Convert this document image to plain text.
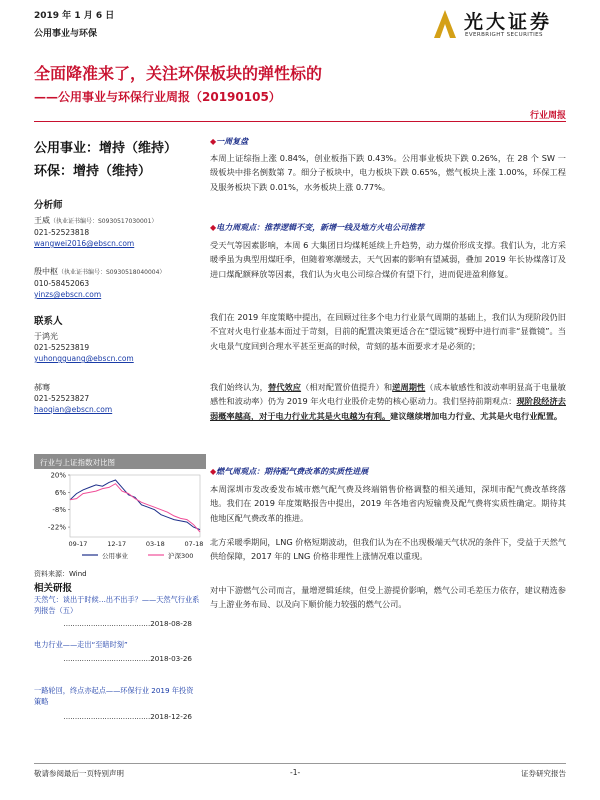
2019 年 1 月 6 日
公用事业与环保
光大证券
EVERBRIGHT SECURITIES
全面降准来了，关注环保板块的弹性标的
——公用事业与环保行业周报（20190105）
行业周报
公用事业：增持（维持）
环保：增持（维持）
分析师
王威（执业证书编号：S0930517030001）
021-52523818
wangwei2016@ebscn.com
殷中枢（执业证书编号：S0930518040004）
010-58452063
yinzs@ebscn.com
联系人
于鸿光
021-52523819
yuhongguang@ebscn.com
郝骞
021-52523827
haoqian@ebscn.com
行业与上证指数对比图
20%
6%
-8%
-22%
09-17	12-17	03-18	07-18
公用事业	沪深300
资料来源：Wind
相关研报
天然气：谈出于时候…出不出手？——天然气行业系列报告（五）
......................................2018-08-28
电力行业——走出“至暗时刻”
......................................2018-03-26
一路轮回，终点亦起点——环保行业 2019 年投资策略
......................................2018-12-26
◆一周复盘
本周上证综指上涨 0.84%，创业板指下跌 0.43%。公用事业板块下跌 0.26%，在 28 个 SW 一级板块中排名倒数第 7。细分子板块中，电力板块下跌 0.65%，燃气板块上涨 1.00%，环保工程及服务板块下跌 0.01%，水务板块上涨 0.77%。
◆电力周观点：推荐逻辑不变，新增一线及地方火电公司推荐
受天气等因素影响，本周 6 大集团日均煤耗延续上升趋势，动力煤价形成支撑。我们认为，北方采暖季虽为典型用煤旺季，但随着寒潮缓去，天气因素的影响有望减弱，叠加 2019 年长协煤落订及进口煤配额释放等因素，我们认为火电公司综合煤价有望下行，进而促进盈利修复。
我们在 2019 年度策略中提出，在回顾过往多个电力行业景气周期的基础上，我们认为现阶段仍旧不宜对火电行业基本面过于苛刻，目前的配置决策更适合在“望远镜”视野中进行而非“显微镜”。当火电景气度回到合理水平甚至更高的时候，苛刻的基本面要求才是必须的；
我们始终认为，替代效应（相对配置价值提升）和逆周期性（成本敏感性和波动率明显高于电量敏感性和波动率）仍为 2019 年火电行业股价走势的核心驱动力。我们坚持前期观点：现阶段经济去弱概率越高，对于电力行业尤其是火电越为有利。建议继续增加电力行业、尤其是火电行业配置。
◆燃气周观点：期待配气费改革的实质性进展
本周深圳市发改委发布城市燃气配气费及终端销售价格调整的相关通知，深圳市配气费改革终落地。我们在 2019 年度策略报告中提出，2019 年各地省内短输费及配气费将实质性确定。期待其他地区配气费改革的推进。
北方采暖季期间，LNG 价格短期波动，但我们认为在不出现极端天气状况的条件下，受益于天然气供给保障，2017 年的 LNG 价格非理性上涨情况难以重现。
对中下游燃气公司而言，量增逻辑延续，但受上游提价影响，燃气公司毛差压力依存，建议精选参与上游业务布局、以及向下顺价能力较强的燃气公司。
敬请参阅最后一页特别声明	-1-	证券研究报告
